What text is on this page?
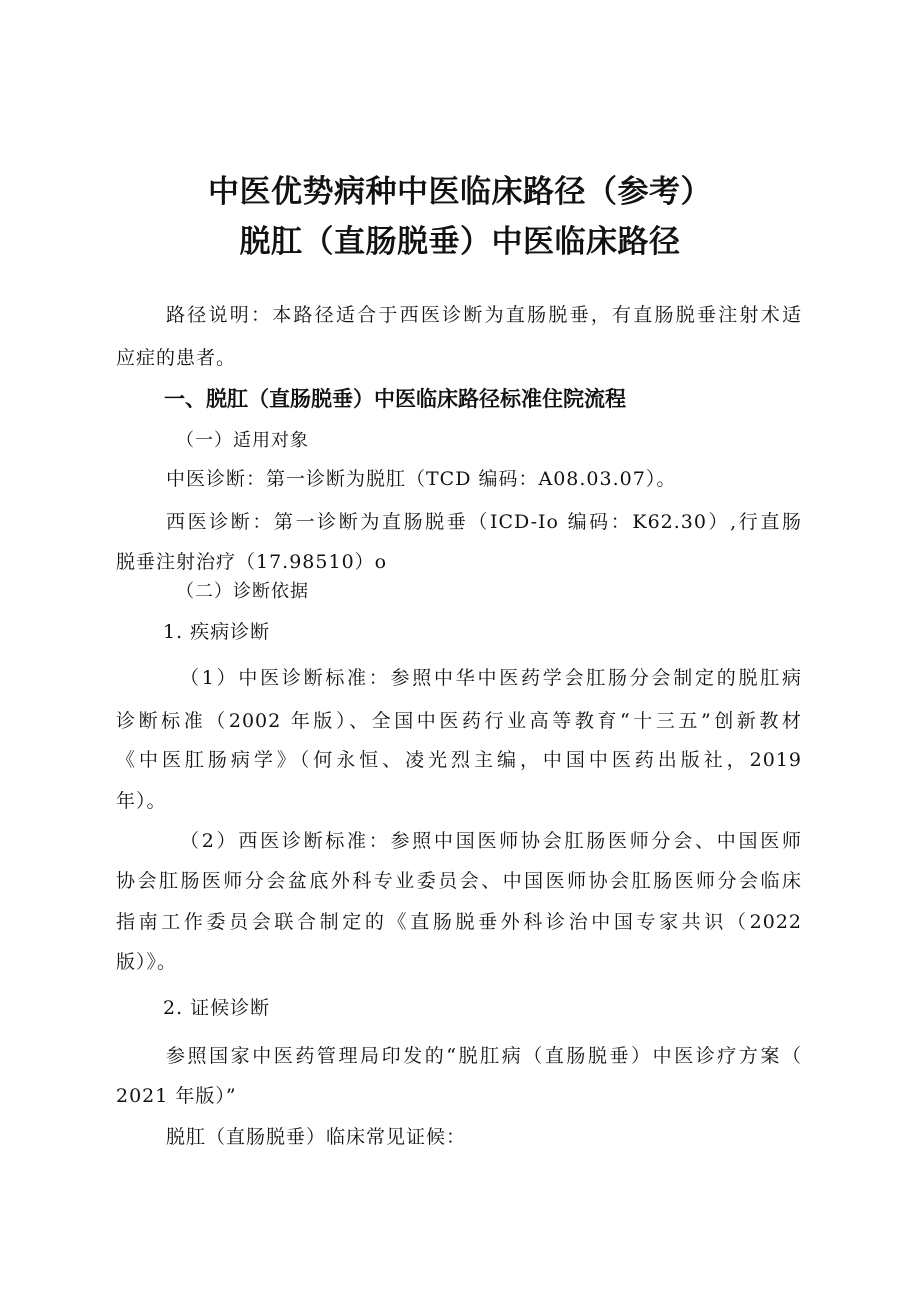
中医优势病种中医临床路径（参考）
脱肛（直肠脱垂）中医临床路径

路径说明：本路径适合于西医诊断为直肠脱垂，有直肠脱垂注射术适

应症的患者。

一、脱肛（直肠脱垂）中医临床路径标准住院流程

（一）适用对象

中医诊断：第一诊断为脱肛（TCD 编码：A08.03.07）。

西医诊断：第一诊断为直肠脱垂（ICD-Io 编码：K62.30）,行直肠

脱垂注射治疗（17.98510）o

（二）诊断依据

1. 疾病诊断

（1）中医诊断标准：参照中华中医药学会肛肠分会制定的脱肛病

诊断标准（2002 年版）、全国中医药行业高等教育“十三五”创新教材

《中医肛肠病学》（何永恒、凌光烈主编，中国中医药出版社，2019

年）。

（2）西医诊断标准：参照中国医师协会肛肠医师分会、中国医师

协会肛肠医师分会盆底外科专业委员会、中国医师协会肛肠医师分会临床

指南工作委员会联合制定的《直肠脱垂外科诊治中国专家共识（2022

版）》。

2. 证候诊断

参照国家中医药管理局印发的“脱肛病（直肠脱垂）中医诊疗方案（

2021 年版）”

脱肛（直肠脱垂）临床常见证候：
